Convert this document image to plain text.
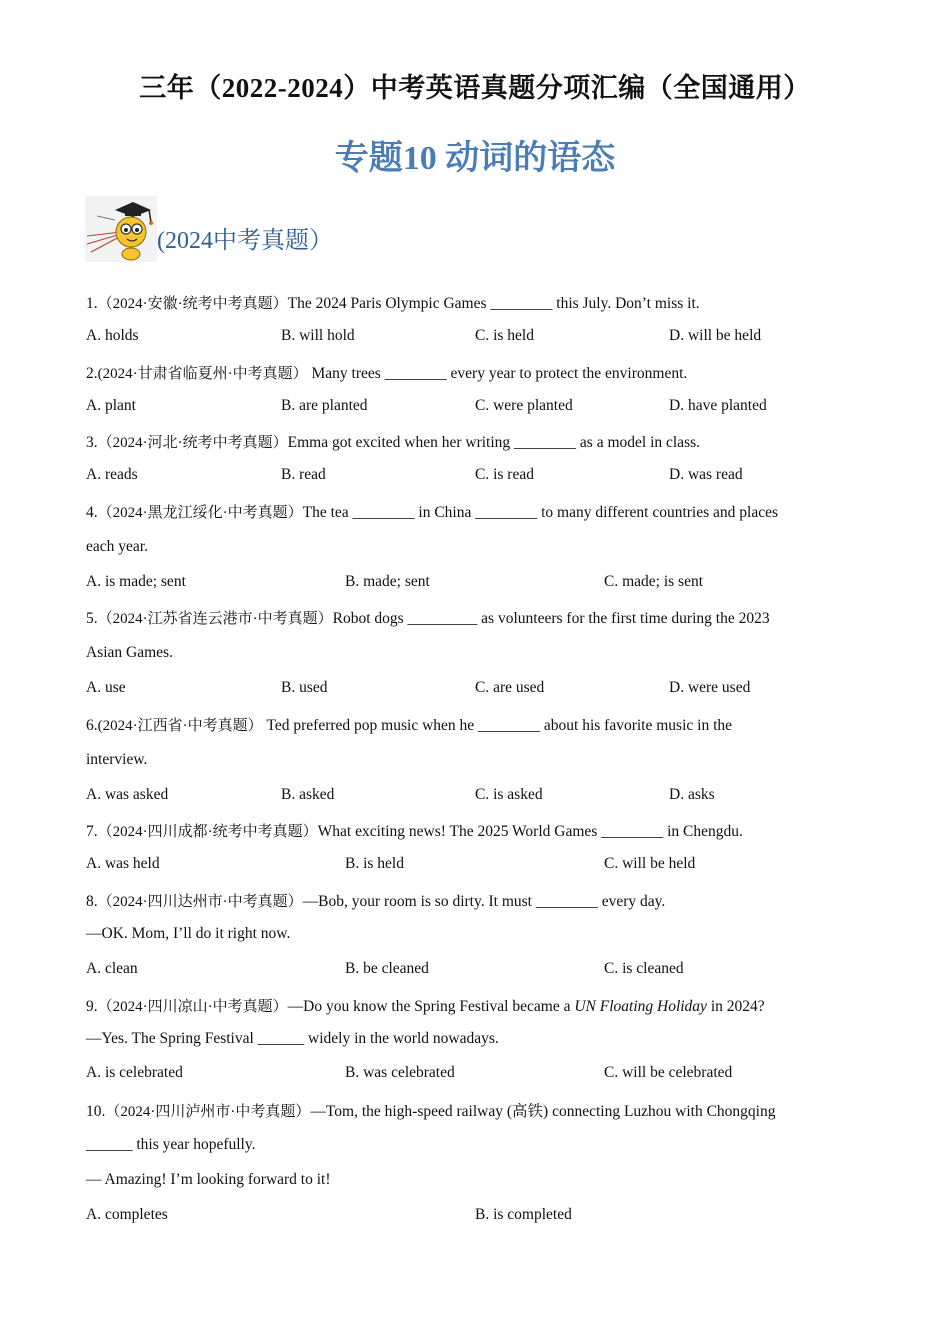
三年（2022-2024）中考英语真题分项汇编（全国通用）
专题10 动词的语态
(2024中考真题）
1.（2024·安徽·统考中考真题）The 2024 Paris Olympic Games ________ this July. Don’t miss it.
A. holds	B. will hold	C. is held	D. will be held
2.(2024·甘肃省临夏州·中考真题） Many trees ________ every year to protect the environment.
A. plant	B. are planted	C. were planted	D. have planted
3.（2024·河北·统考中考真题）Emma got excited when her writing ________ as a model in class.
A. reads	B. read	C. is read	D. was read
4.（2024·黑龙江绥化·中考真题）The tea ________ in China ________ to many different countries and places
each year.
A. is made; sent	B. made; sent	C. made; is sent
5.（2024·江苏省连云港市·中考真题）Robot dogs _________ as volunteers for the first time during the 2023
Asian Games.
A. use	B. used	C. are used	D. were used
6.(2024·江西省·中考真题） Ted preferred pop music when he ________ about his favorite music in the
interview.
A. was asked	B. asked	C. is asked	D. asks
7.（2024·四川成都·统考中考真题）What exciting news! The 2025 World Games ________ in Chengdu.
A. was held	B. is held	C. will be held
8.（2024·四川达州市·中考真题）—Bob, your room is so dirty. It must ________ every day.
—OK. Mom, I’ll do it right now.
A. clean	B. be cleaned	C. is cleaned
9.（2024·四川凉山·中考真题）—Do you know the Spring Festival became a UN Floating Holiday in 2024?
—Yes. The Spring Festival ______ widely in the world nowadays.
A. is celebrated	B. was celebrated	C. will be celebrated
10.（2024·四川泸州市·中考真题）—Tom, the high-speed railway (高铁) connecting Luzhou with Chongqing
______ this year hopefully.
— Amazing! I’m looking forward to it!
A. completes	B. is completed
